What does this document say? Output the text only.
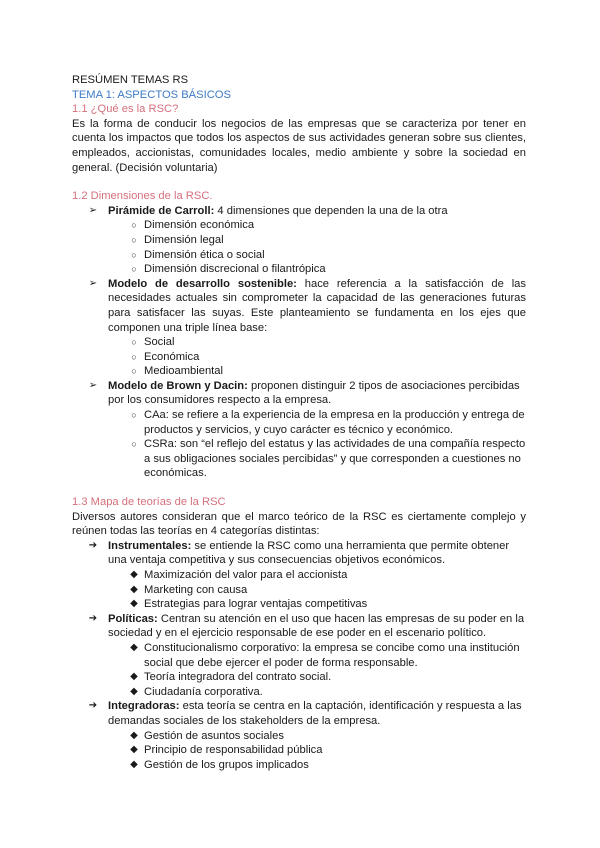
RESÚMEN TEMAS RS
TEMA 1: ASPECTOS BÁSICOS
1.1 ¿Qué es la RSC?

Es la forma de conducir los negocios de las empresas que se caracteriza por tener en cuenta los impactos que todos los aspectos de sus actividades generan sobre sus clientes, empleados, accionistas, comunidades locales, medio ambiente y sobre la sociedad en general. (Decisión voluntaria)

1.2 Dimensiones de la RSC.
➢ Pirámide de Carroll: 4 dimensiones que dependen la una de la otra
○ Dimensión económica
○ Dimensión legal
○ Dimensión ética o social
○ Dimensión discrecional o filantrópica
➢ Modelo de desarrollo sostenible: hace referencia a la satisfacción de las necesidades actuales sin comprometer la capacidad de las generaciones futuras para satisfacer las suyas. Este planteamiento se fundamenta en los ejes que componen una triple línea base:
○ Social
○ Económica
○ Medioambiental
➢ Modelo de Brown y Dacin: proponen distinguir 2 tipos de asociaciones percibidas por los consumidores respecto a la empresa.
○ CAa: se refiere a la experiencia de la empresa en la producción y entrega de productos y servicios, y cuyo carácter es técnico y económico.
○ CSRa: son “el reflejo del estatus y las actividades de una compañía respecto a sus obligaciones sociales percibidas” y que corresponden a cuestiones no económicas.
1.3 Mapa de teorías de la RSC

Diversos autores consideran que el marco teórico de la RSC es ciertamente complejo y reúnen todas las teorías en 4 categorías distintas:

➔ Instrumentales: se entiende la RSC como una herramienta que permite obtener una ventaja competitiva y sus consecuencias objetivos económicos.
◆ Maximización del valor para el accionista
◆ Marketing con causa
◆ Estrategias para lograr ventajas competitivas
➔ Políticas: Centran su atención en el uso que hacen las empresas de su poder en la sociedad y en el ejercicio responsable de ese poder en el escenario político.
◆ Constitucionalismo corporativo: la empresa se concibe como una institución social que debe ejercer el poder de forma responsable.
◆ Teoría integradora del contrato social.
◆ Ciudadanía corporativa.
➔ Integradoras: esta teoría se centra en la captación, identificación y respuesta a las demandas sociales de los stakeholders de la empresa.
◆ Gestión de asuntos sociales
◆ Principio de responsabilidad pública
◆ Gestión de los grupos implicados
